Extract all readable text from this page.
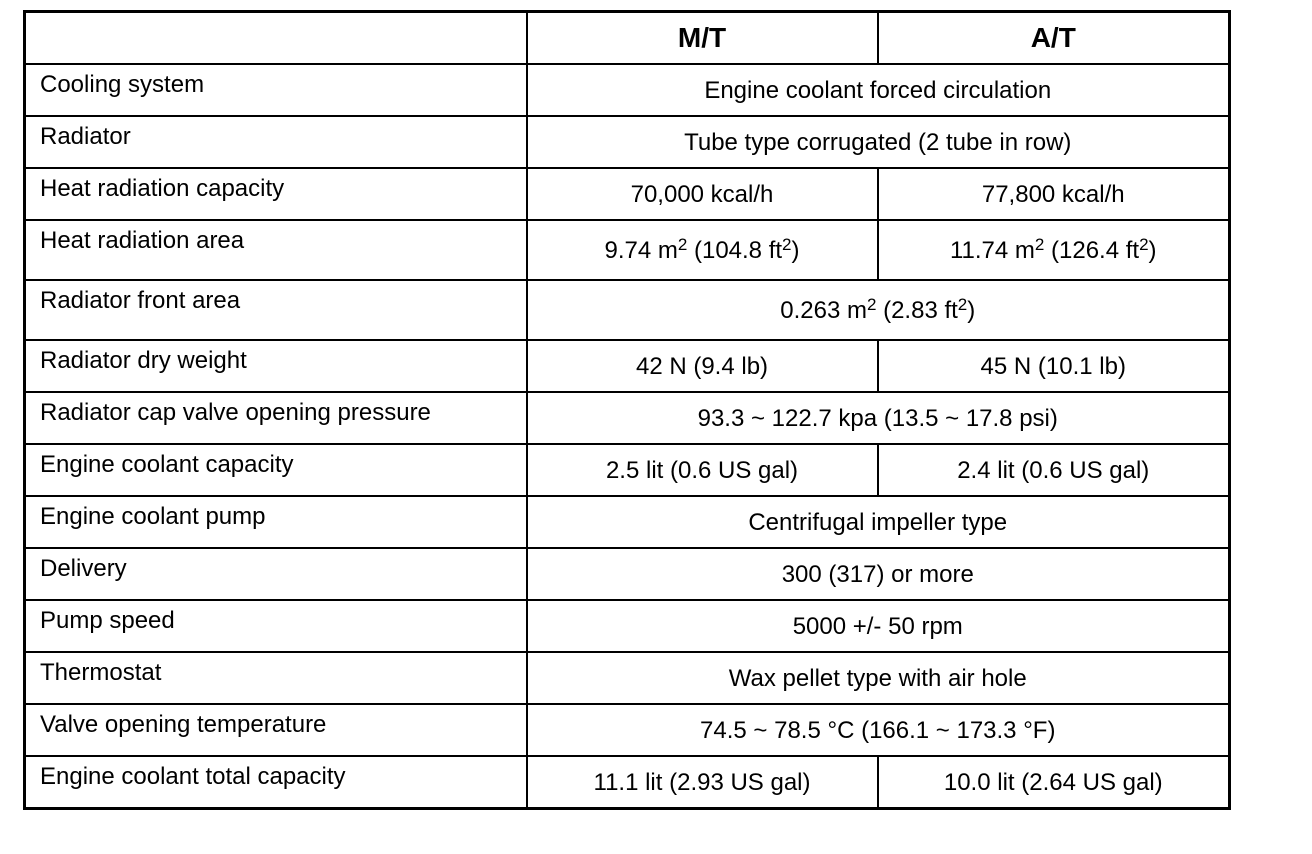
	M/T	A/T
Cooling system	Engine coolant forced circulation	
Radiator	Tube type corrugated (2 tube in row)	
Heat radiation capacity	70,000 kcal/h	77,800 kcal/h
Heat radiation area	9.74 $m^2$ (104.8 $ft^2$)	11.74 $m^2$ (126.4 $ft^2$)
Radiator front area	0.263 $m^2$ (2.83 $ft^2$)	
Radiator dry weight	42 N (9.4 lb)	45 N (10.1 lb)
Radiator cap valve opening pressure	93.3 ~ 122.7 kpa (13.5 ~ 17.8 psi)	
Engine coolant capacity	2.5 lit (0.6 US gal)	2.4 lit (0.6 US gal)
Engine coolant pump	Centrifugal impeller type	
Delivery	300 (317) or more	
Pump speed	5000 +/- 50 rpm	
Thermostat	Wax pellet type with air hole	
Valve opening temperature	74.5 ~ 78.5 °C (166.1 ~ 173.3 °F)	
Engine coolant total capacity	11.1 lit (2.93 US gal)	10.0 lit (2.64 US gal)
